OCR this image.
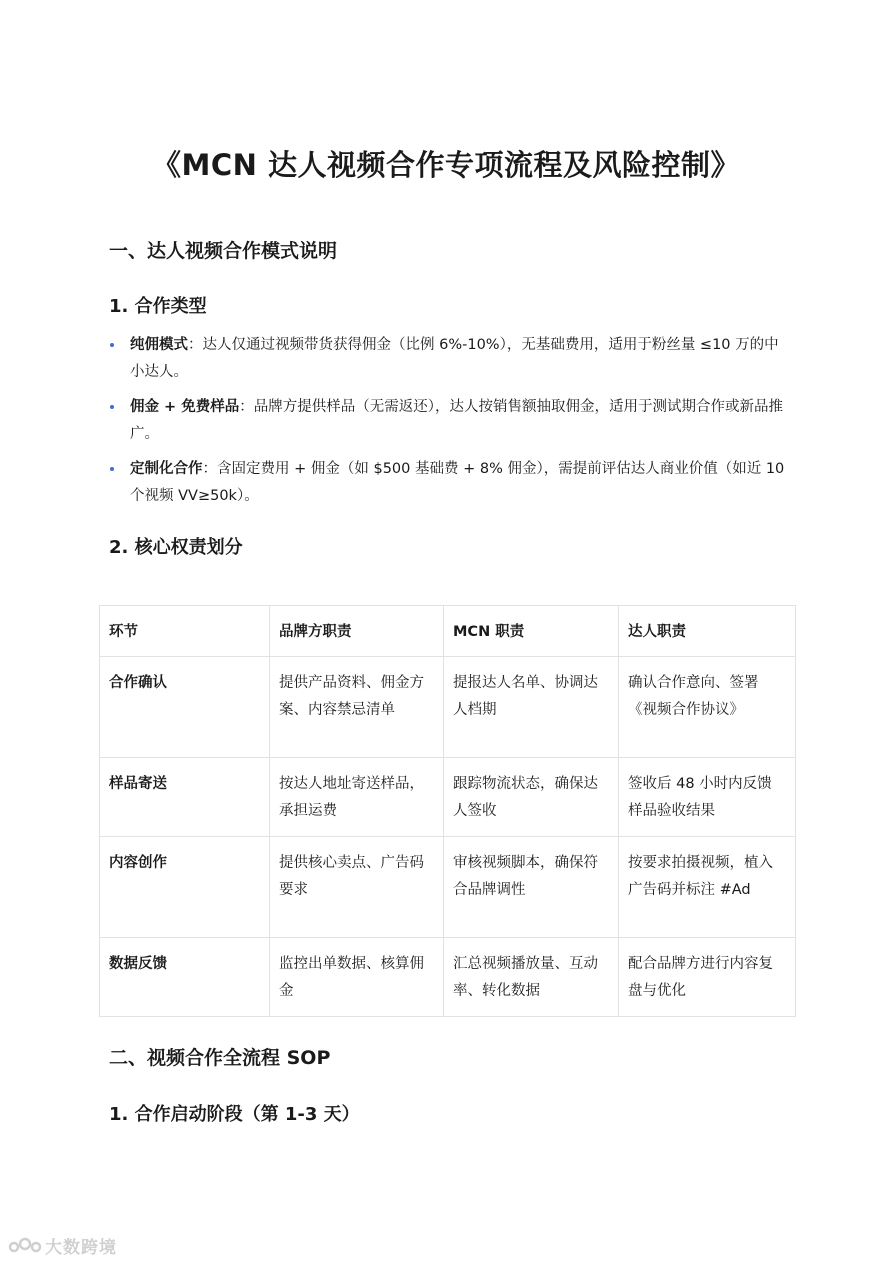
《MCN 达人视频合作专项流程及风险控制》
一、达人视频合作模式说明
1. 合作类型
纯佣模式：达人仅通过视频带货获得佣金（比例 6%-10%），无基础费用，适用于粉丝量 ≤10 万的中小达人。
佣金 + 免费样品：品牌方提供样品（无需返还），达人按销售额抽取佣金，适用于测试期合作或新品推广。
定制化合作：含固定费用 + 佣金（如 $500 基础费 + 8% 佣金），需提前评估达人商业价值（如近 10 个视频 VV≥50k）。
2. 核心权责划分
环节	品牌方职责	MCN 职责	达人职责
合作确认	提供产品资料、佣金方案、内容禁忌清单	提报达人名单、协调达人档期	确认合作意向、签署《视频合作协议》
样品寄送	按达人地址寄送样品，承担运费	跟踪物流状态，确保达人签收	签收后 48 小时内反馈样品验收结果
内容创作	提供核心卖点、广告码要求	审核视频脚本，确保符合品牌调性	按要求拍摄视频，植入广告码并标注 #Ad
数据反馈	监控出单数据、核算佣金	汇总视频播放量、互动率、转化数据	配合品牌方进行内容复盘与优化
二、视频合作全流程 SOP
1. 合作启动阶段（第 1-3 天）
大数跨境
